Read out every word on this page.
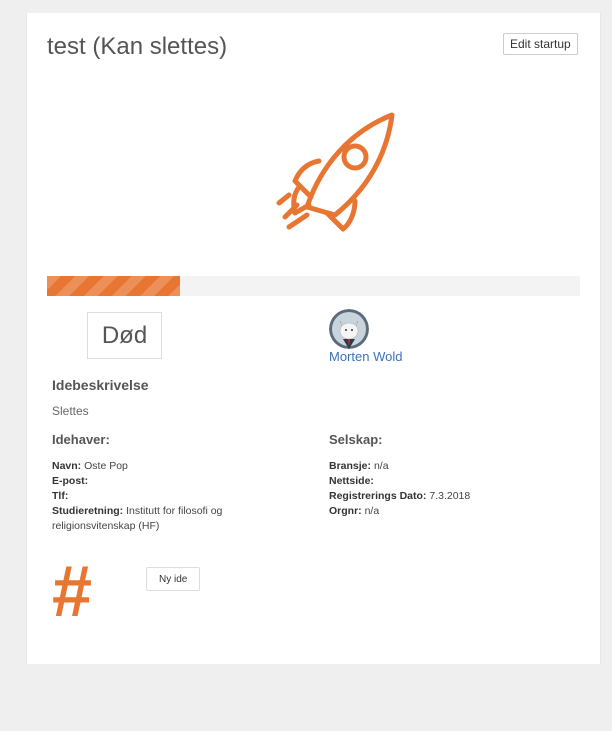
test (Kan slettes)	Edit startup
Død
Morten Wold
Idebeskrivelse

Slettes

Idehaver:	Selskap:
Navn: Oste Pop
E-post:
Tlf:
Studieretning: Institutt for filosofi og religionsvitenskap (HF)
Bransje: n/a
Nettside:
Registrerings Dato: 7.3.2018
Orgnr: n/a
#	Ny ide
